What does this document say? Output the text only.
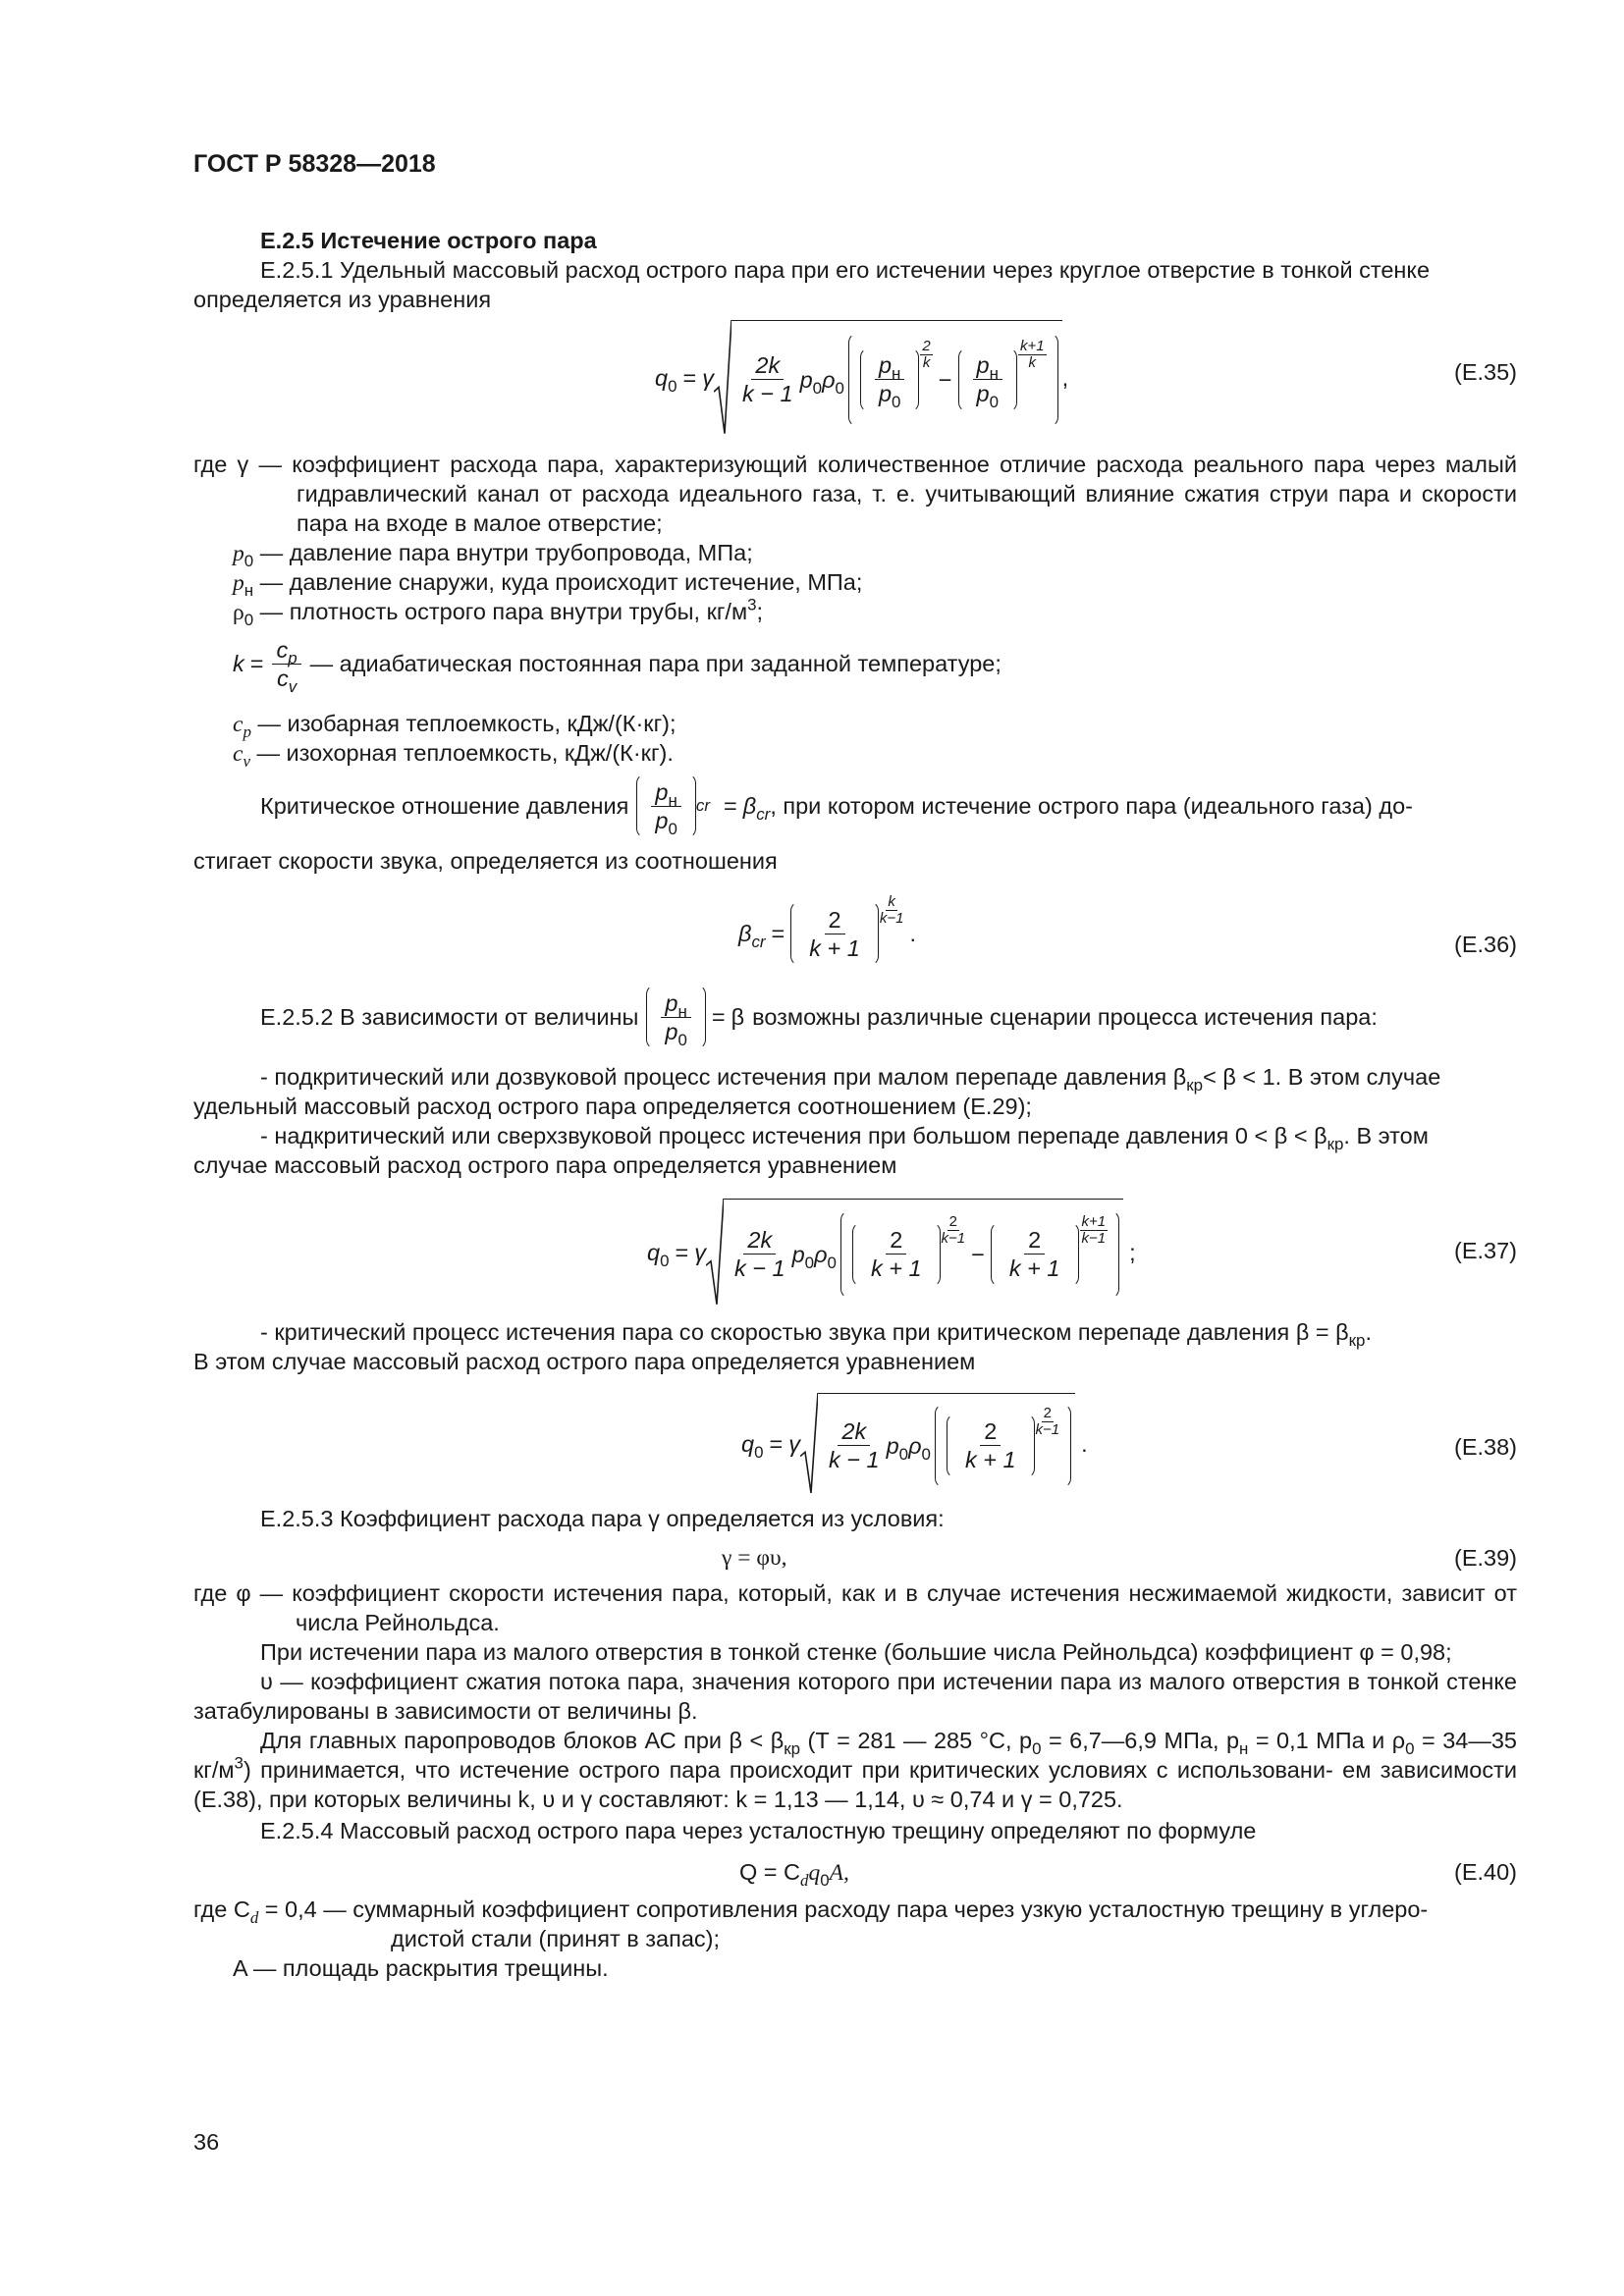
ГОСТ Р 58328—2018
Е.2.5 Истечение острого пара
Е.2.5.1 Удельный массовый расход острого пара при его истечении через круглое отверстие в тонкой стенке
определяется из уравнения
$q_0 = \gamma \frac{2k}{k - 1} p_0\rho_0 \frac{p_н}{p_0} \frac{2}{k}$
− $\frac{p_н}{p_0} \frac{k+1}{k}$
,	(Е.35)
где γ — коэффициент расхода пара, характеризующий количественное отличие расхода реального пара через малый гидравлический канал от расхода идеального газа, т. е. учитывающий влияние сжатия струи пара и скорости пара на входе в малое отверстие;
$p_0$ — давление пара внутри трубопровода, МПа;
$p_н$ — давление снаружи, куда происходит истечение, МПа;
$\rho_0$ — плотность острого пара внутри трубы, $кг/м^3$;
$k = \frac{c_p}{c_v}$ — адиабатическая постоянная пара при заданной температуре;
$c_p$ — изобарная теплоемкость, кДж/(К·кг);
$c_v$ — изохорная теплоемкость, кДж/(К·кг).
Критическое отношение давления $\frac{p_н}{p_0}$ cr = $\beta_{cr}$ , при котором истечение острого пара (идеального газа) до-
стигает скорости звука, определяется из соотношения
$\beta_{cr} = \frac{2}{k + 1} \frac{k}{k-1}$
.	(Е.36)
Е.2.5.2 В зависимости от величины $\frac{p_н}{p_0} = \beta$ возможны различные сценарии процесса истечения пара:
- подкритический или дозвуковой процесс истечения при малом перепаде давления $\beta_{кр}< \beta < 1$. В этом случае
удельный массовый расход острого пара определяется соотношением (Е.29);
- надкритический или сверхзвуковой процесс истечения при большом перепаде давления $0 < \beta < \beta_{кр}$. В этом
случае массовый расход острого пара определяется уравнением
$q_0 = \gamma \frac{2k}{k - 1} p_0\rho_0 \frac{2}{k + 1} \frac{2}{k-1}$
− $\frac{2}{k + 1} \frac{k+1}{k-1}$
;	(Е.37)
- критический процесс истечения пара со скоростью звука при критическом перепаде давления $\beta = \beta_{кр}$.
В этом случае массовый расход острого пара определяется уравнением
$q_0 = \gamma \frac{2k}{k - 1} p_0\rho_0 \frac{2}{k + 1} \frac{2}{k-1}$
.	(Е.38)
Е.2.5.3 Коэффициент расхода пара γ определяется из условия:
γ = φυ,	(Е.39)
где φ — коэффициент скорости истечения пара, который, как и в случае истечения несжимаемой жидкости, зависит от числа Рейнольдса.
При истечении пара из малого отверстия в тонкой стенке (большие числа Рейнольдса) коэффициент φ = 0,98;
υ — коэффициент сжатия потока пара, значения которого при истечении пара из малого отверстия в тонкой стенке затабулированы в зависимости от величины β.
Для главных паропроводов блоков АС при $\beta < \beta_{кр}$ (Т = 281 — 285 °С, $р_0$ = 6,7—6,9 МПа, $р_н = 0,1$ МПа и $\rho_0$ = 34—35 $кг/м^3$) принимается, что истечение острого пара происходит при критических условиях с использовани- ем зависимости (Е.38), при которых величины k, υ и γ составляют: k = 1,13 — 1,14, υ ≈ 0,74 и γ = 0,725.
Е.2.5.4 Массовый расход острого пара через усталостную трещину определяют по формуле
$Q = C_dq_0A$,	(Е.40)
где $C_d = 0,4$ — суммарный коэффициент сопротивления расходу пара через узкую усталостную трещину в углеро-
дистой стали (принят в запас);
A — площадь раскрытия трещины.
36
